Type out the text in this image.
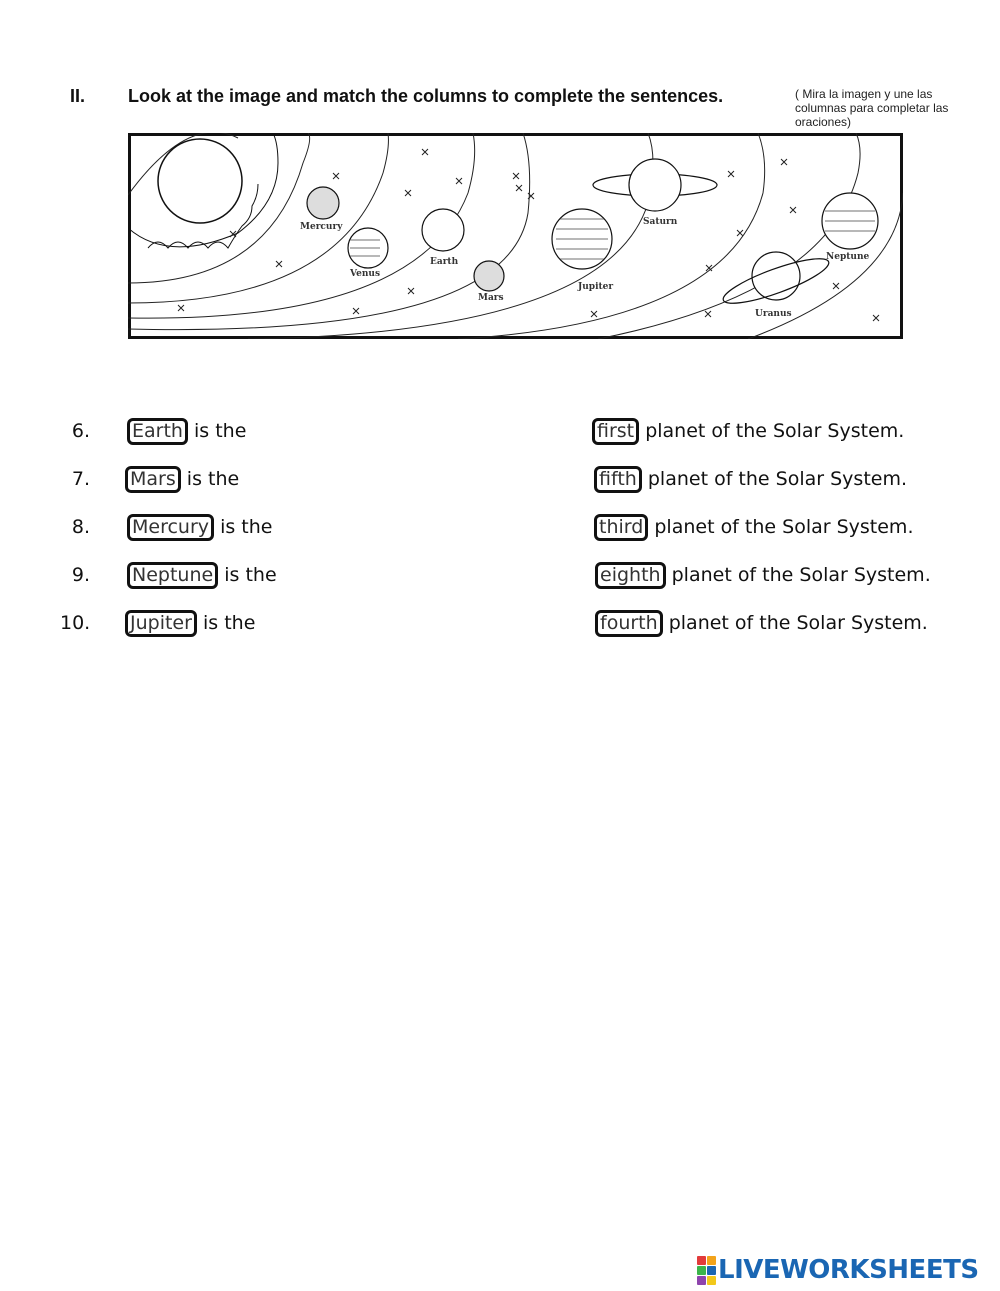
II. Look at the image and match the columns to complete the sentences.	( Mira la imagen y une las columnas para completar las oraciones)
Mercury
Venus
Earth
Mars
Jupiter
Saturn
Uranus
Neptune
6. Earth is the	first planet of the Solar System.
7. Mars is the	fifth planet of the Solar System.
8. Mercury is the	third planet of the Solar System.
9. Neptune is the	eighth planet of the Solar System.
10. Jupiter is the	fourth planet of the Solar System.
LIVEWORKSHEETS
